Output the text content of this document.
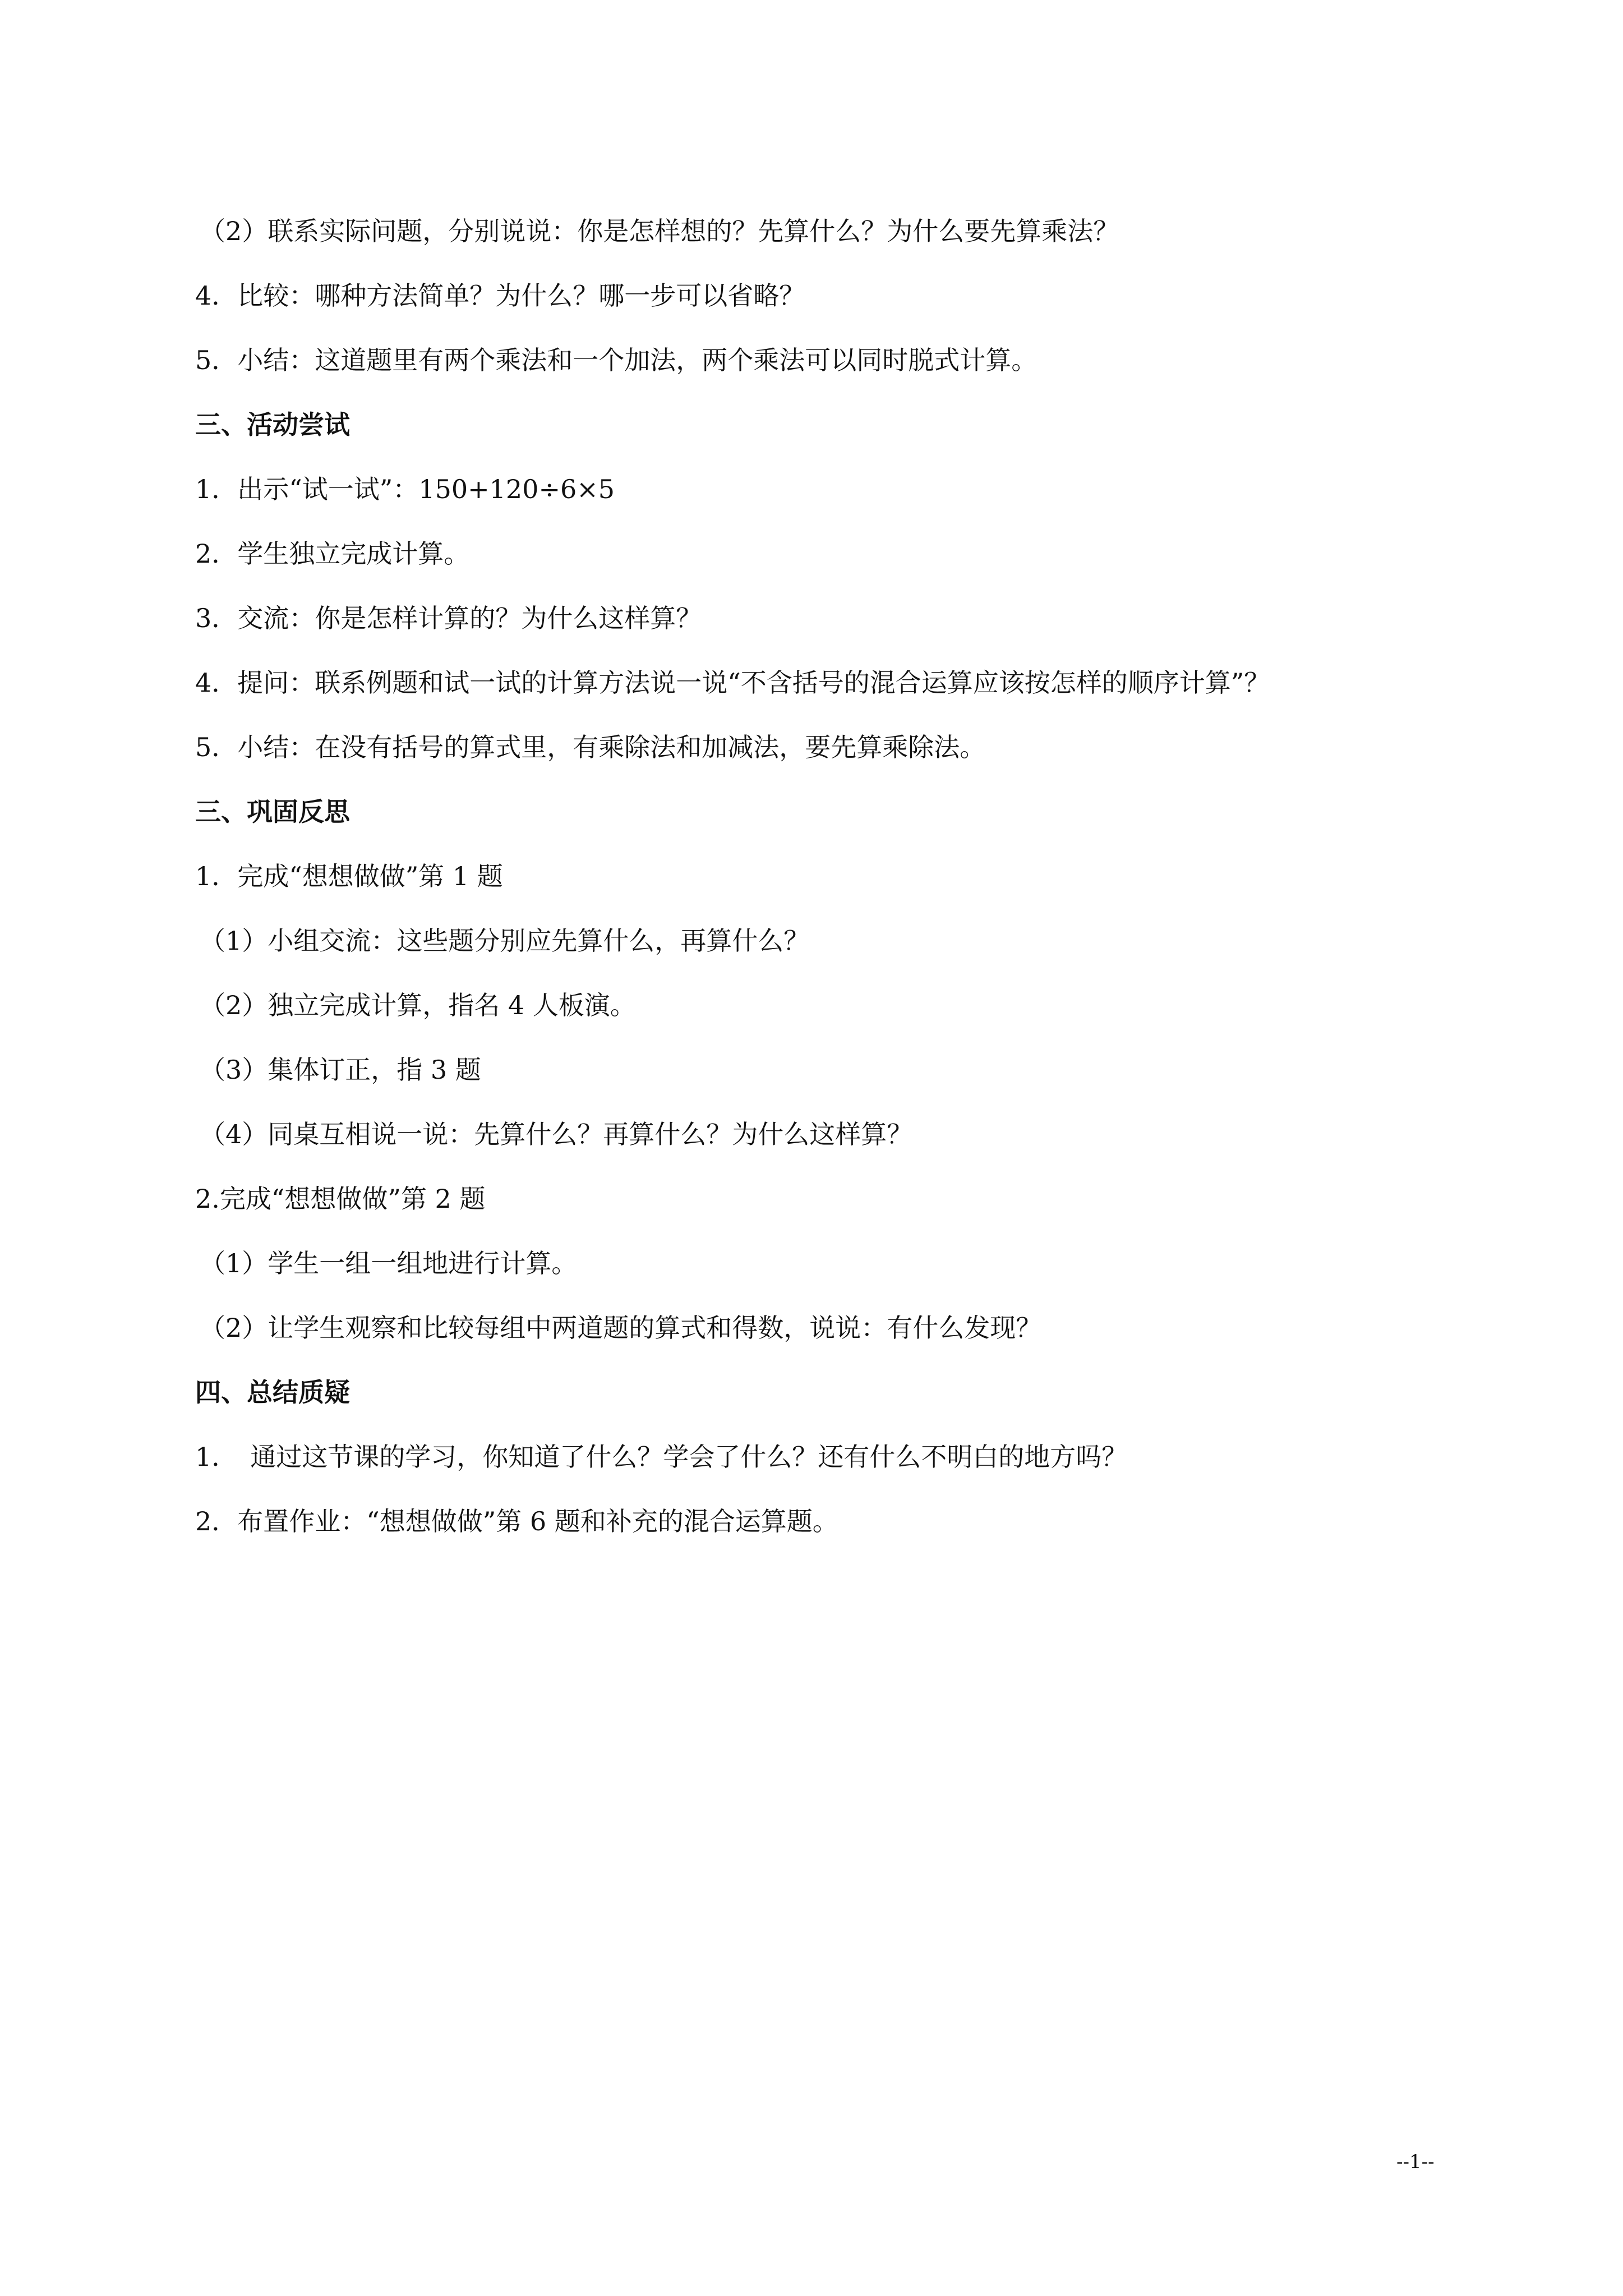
（2）联系实际问题，分别说说：你是怎样想的？先算什么？为什么要先算乘法？
4．比较：哪种方法简单？为什么？哪一步可以省略？
5．小结：这道题里有两个乘法和一个加法，两个乘法可以同时脱式计算。
三、活动尝试
1．出示“试一试”：150+120÷6×5
2．学生独立完成计算。
3．交流：你是怎样计算的？为什么这样算？
4．提问：联系例题和试一试的计算方法说一说“不含括号的混合运算应该按怎样的顺序计算”？
5．小结：在没有括号的算式里，有乘除法和加减法，要先算乘除法。
三、巩固反思
1．完成“想想做做”第 1 题
（1）小组交流：这些题分别应先算什么，再算什么？
（2）独立完成计算，指名 4 人板演。
（3）集体订正，指 3 题
（4）同桌互相说一说：先算什么？再算什么？为什么这样算？
2.完成“想想做做”第 2 题
（1）学生一组一组地进行计算。
（2）让学生观察和比较每组中两道题的算式和得数，说说：有什么发现？
四、总结质疑
1．　通过这节课的学习，你知道了什么？学会了什么？还有什么不明白的地方吗？
2．布置作业：“想想做做”第 6 题和补充的混合运算题。
--1--
